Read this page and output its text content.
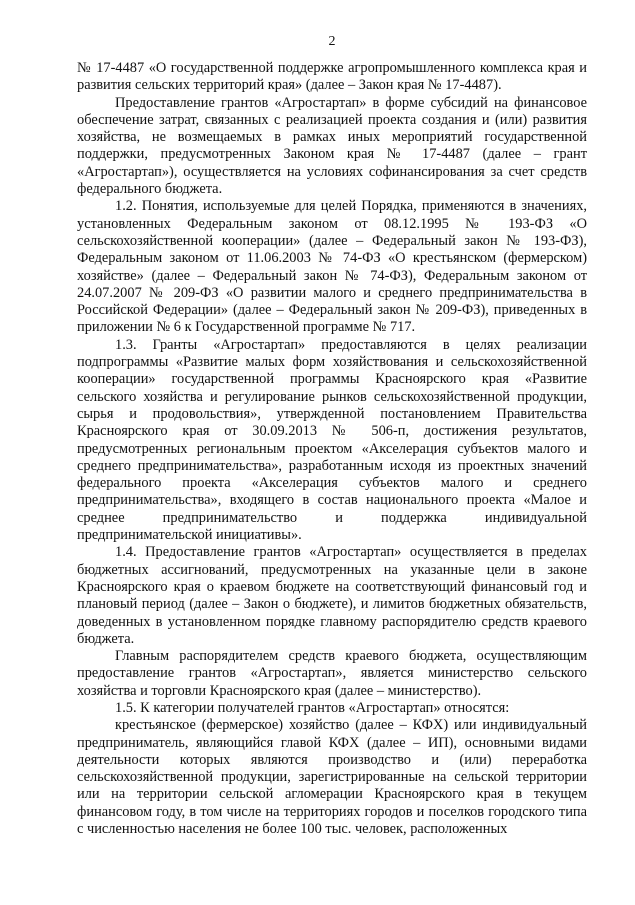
2

№ 17-4487 «О государственной поддержке агропромышленного комплекса края и развития сельских территорий края» (далее – Закон края № 17-4487).

Предоставление грантов «Агростартап» в форме субсидий на финансовое обеспечение затрат, связанных с реализацией проекта создания и (или) развития хозяйства, не возмещаемых в рамках иных мероприятий государственной поддержки, предусмотренных Законом края № 17-4487 (далее – грант «Агростартап»), осуществляется на условиях софинансирования за счет средств федерального бюджета.

1.2. Понятия, используемые для целей Порядка, применяются в значениях, установленных Федеральным законом от 08.12.1995 № 193-ФЗ «О сельскохозяйственной кооперации» (далее – Федеральный закон № 193-ФЗ), Федеральным законом от 11.06.2003 № 74-ФЗ «О крестьянском (фермерском) хозяйстве» (далее – Федеральный закон № 74-ФЗ), Федеральным законом от 24.07.2007 № 209-ФЗ «О развитии малого и среднего предпринимательства в Российской Федерации» (далее – Федеральный закон № 209-ФЗ), приведенных в приложении № 6 к Государственной программе № 717.

1.3. Гранты «Агростартап» предоставляются в целях реализации подпрограммы «Развитие малых форм хозяйствования и сельскохозяйственной кооперации» государственной программы Красноярского края «Развитие сельского хозяйства и регулирование рынков сельскохозяйственной продукции, сырья и продовольствия», утвержденной постановлением Правительства Красноярского края от 30.09.2013 № 506-п, достижения результатов, предусмотренных региональным проектом «Акселерация субъектов малого и среднего предпринимательства», разработанным исходя из проектных значений федерального проекта «Акселерация субъектов малого и среднего предпринимательства», входящего в состав национального проекта «Малое и среднее предпринимательство и поддержка индивидуальной предпринимательской инициативы».

1.4. Предоставление грантов «Агростартап» осуществляется в пределах бюджетных ассигнований, предусмотренных на указанные цели в законе Красноярского края о краевом бюджете на соответствующий финансовый год и плановый период (далее – Закон о бюджете), и лимитов бюджетных обязательств, доведенных в установленном порядке главному распорядителю средств краевого бюджета.

Главным распорядителем средств краевого бюджета, осуществляющим предоставление грантов «Агростартап», является министерство сельского хозяйства и торговли Красноярского края (далее – министерство).

1.5. К категории получателей грантов «Агростартап» относятся:

крестьянское (фермерское) хозяйство (далее – КФХ) или индивидуальный предприниматель, являющийся главой КФХ (далее – ИП), основными видами деятельности которых являются производство и (или) переработка сельскохозяйственной продукции, зарегистрированные на сельской территории или на территории сельской агломерации Красноярского края в текущем финансовом году, в том числе на территориях городов и поселков городского типа с численностью населения не более 100 тыс. человек, расположенных
